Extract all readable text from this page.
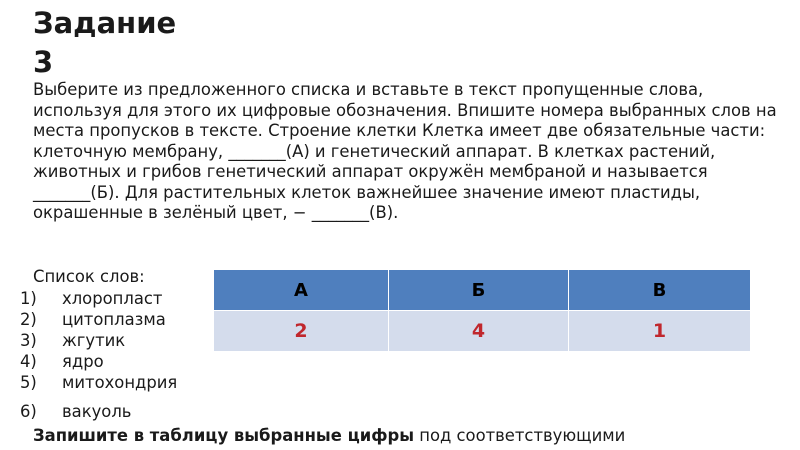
Задание
3

Выберите из предложенного списка и вставьте в текст пропущенные слова, используя для этого их цифровые обозначения. Впишите номера выбранных слов на места пропусков в тексте. Строение клетки Клетка имеет две обязательные части: клеточную мембрану, _______(А) и генетический аппарат. В клетках растений, животных и грибов генетический аппарат окружён мембраной и называется _______(Б). Для растительных клеток важнейшее значение имеют пластиды, окрашенные в зелёный цвет, − _______(В).

Список слов:
1) хлоропласт
2) цитоплазма
3) жгутик
4) ядро
5) митохондрия
6) вакуоль
А	Б	В
2	4	1
Запишите в таблицу выбранные цифры под соответствующими
